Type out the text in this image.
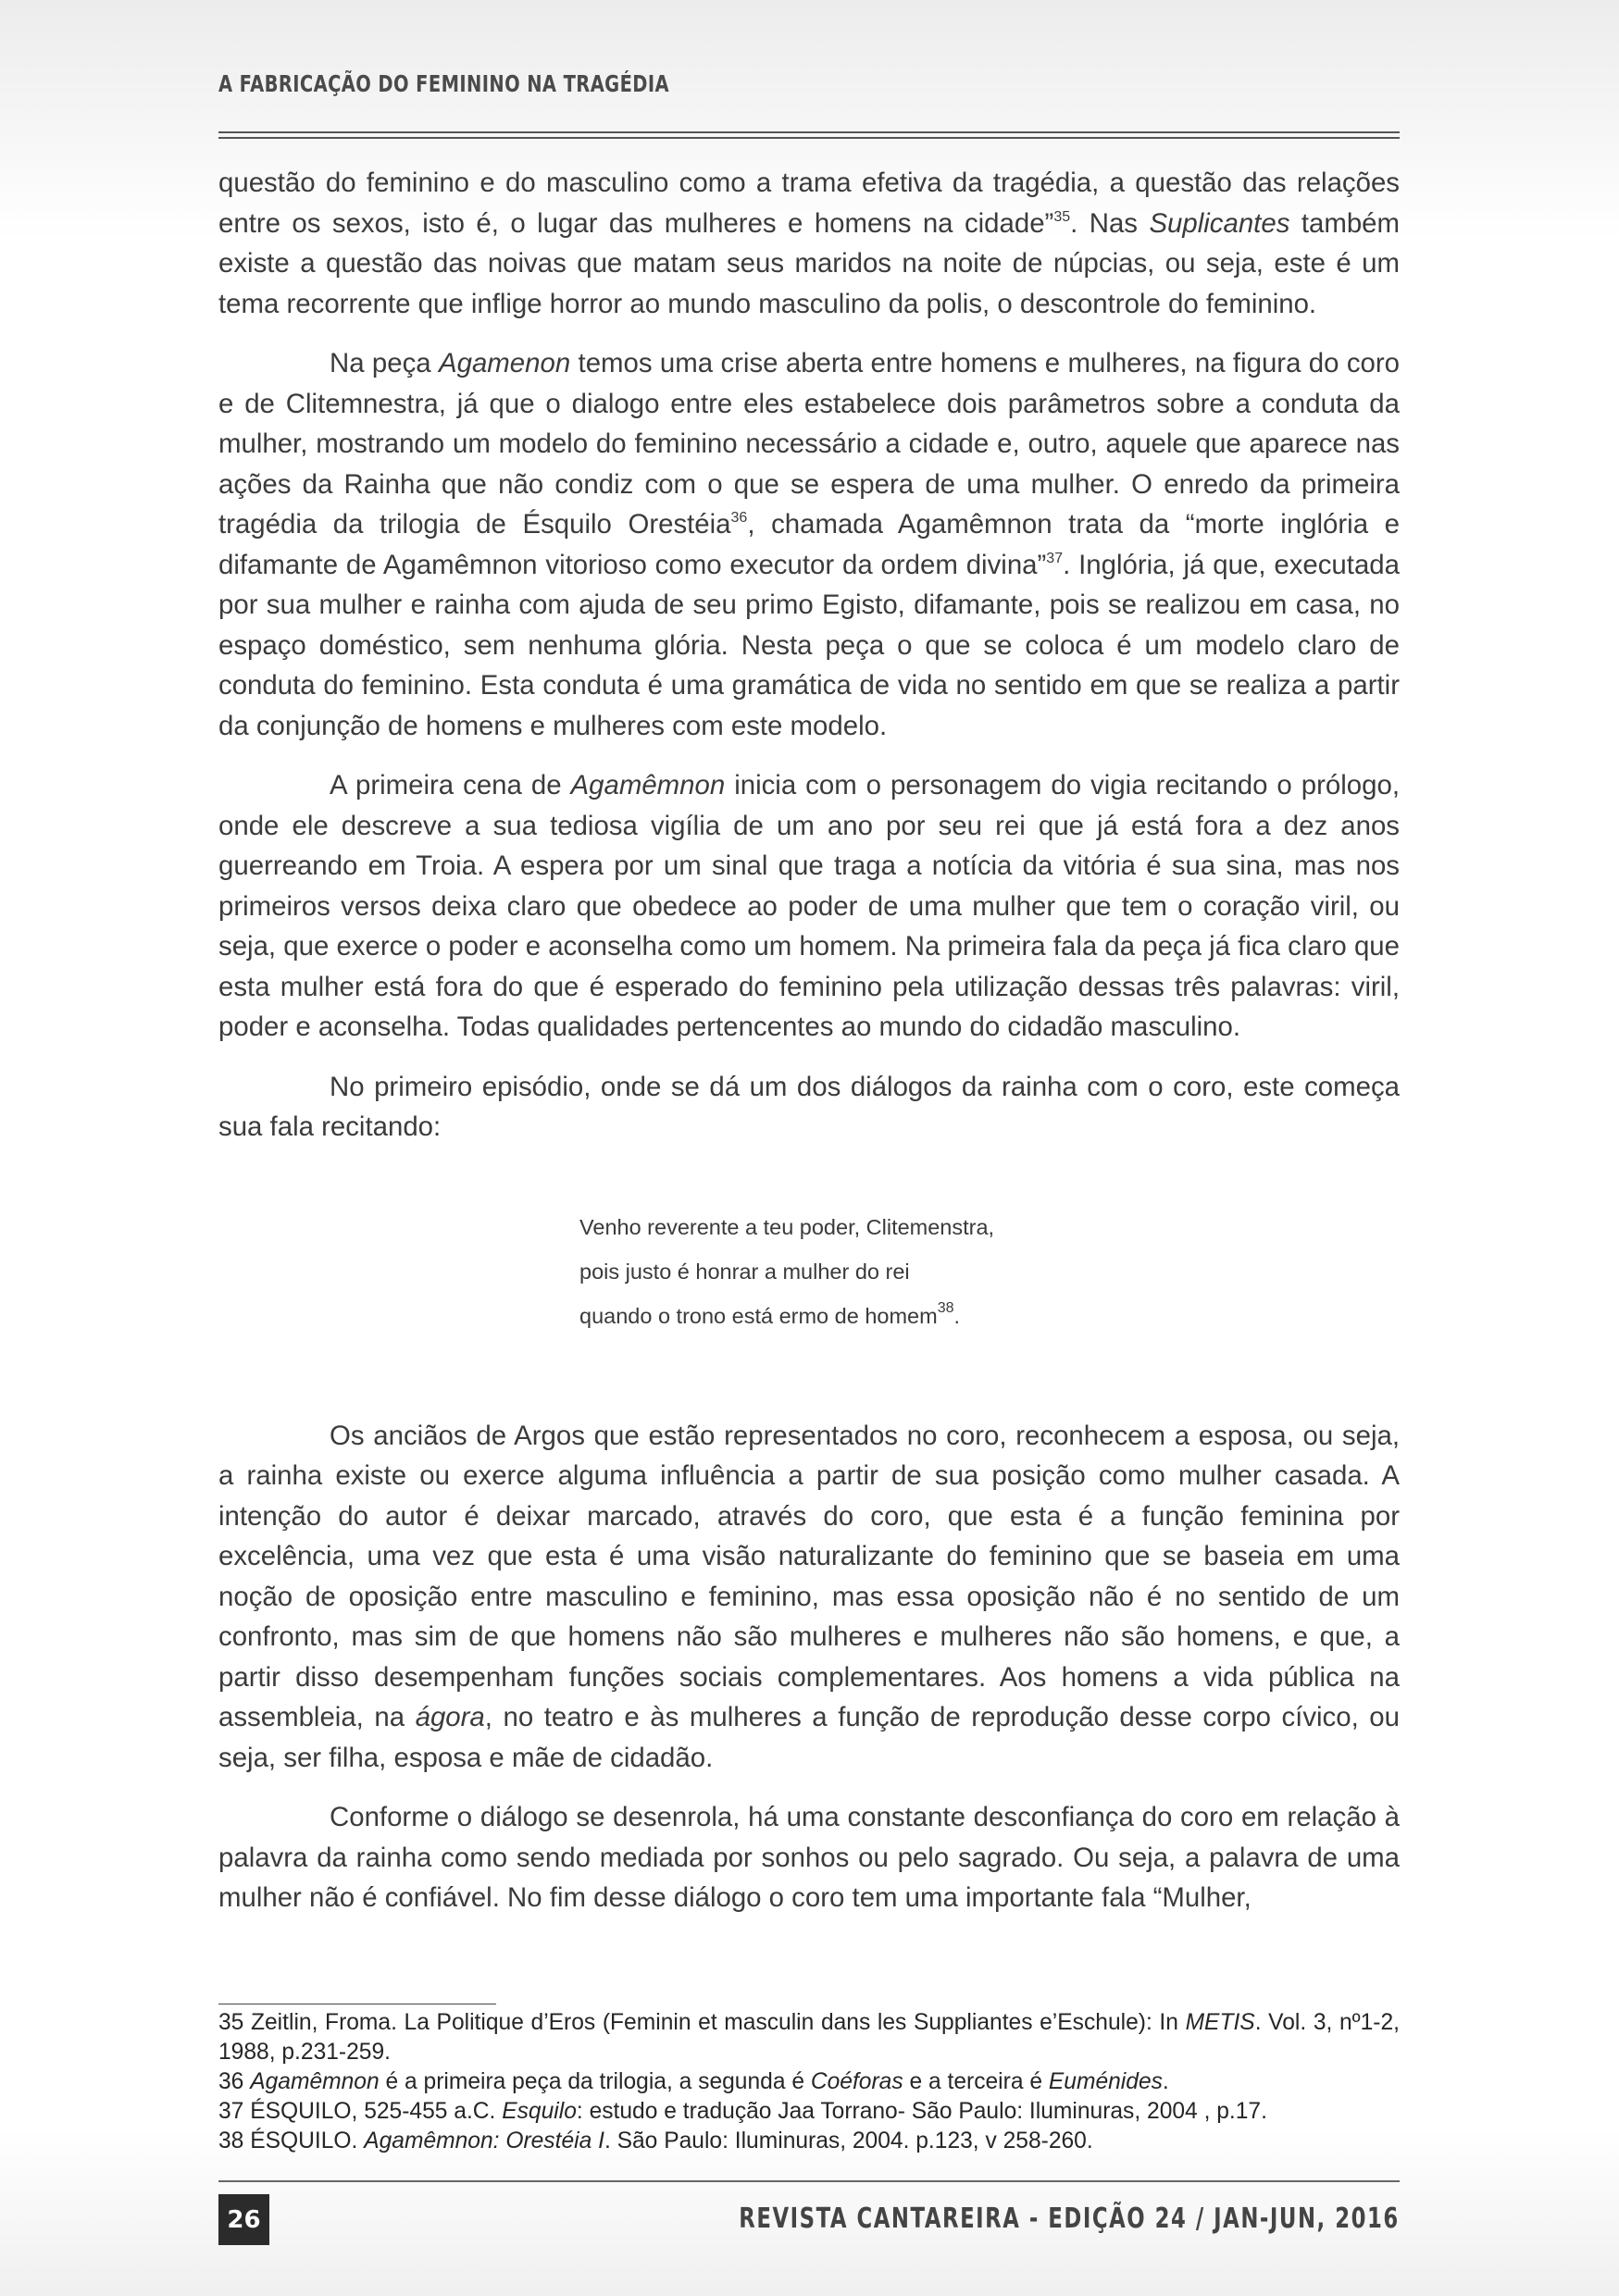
A FABRICAÇÃO DO FEMININO NA TRAGÉDIA

questão do feminino e do masculino como a trama efetiva da tragédia, a questão das relações entre os sexos, isto é, o lugar das mulheres e homens na cidade”$^{35}$. Nas Suplicantes também existe a questão das noivas que matam seus maridos na noite de núpcias, ou seja, este é um tema recorrente que inflige horror ao mundo masculino da polis, o descontrole do feminino.

Na peça Agamenon temos uma crise aberta entre homens e mulheres, na figura do coro e de Clitemnestra, já que o dialogo entre eles estabelece dois parâmetros sobre a conduta da mulher, mostrando um modelo do feminino necessário a cidade e, outro, aquele que aparece nas ações da Rainha que não condiz com o que se espera de uma mulher. O enredo da primeira tragédia da trilogia de Ésquilo Orestéia$^{36}$, chamada Agamêmnon trata da “morte inglória e difamante de Agamêmnon vitorioso como executor da ordem divina”$^{37}$. Inglória, já que, executada por sua mulher e rainha com ajuda de seu primo Egisto, difamante, pois se realizou em casa, no espaço doméstico, sem nenhuma glória. Nesta peça o que se coloca é um modelo claro de conduta do feminino. Esta conduta é uma gramática de vida no sentido em que se realiza a partir da conjunção de homens e mulheres com este modelo.

A primeira cena de Agamêmnon inicia com o personagem do vigia recitando o prólogo, onde ele descreve a sua tediosa vigília de um ano por seu rei que já está fora a dez anos guerreando em Troia. A espera por um sinal que traga a notícia da vitória é sua sina, mas nos primeiros versos deixa claro que obedece ao poder de uma mulher que tem o coração viril, ou seja, que exerce o poder e aconselha como um homem. Na primeira fala da peça já fica claro que esta mulher está fora do que é esperado do feminino pela utilização dessas três palavras: viril, poder e aconselha. Todas qualidades pertencentes ao mundo do cidadão masculino.

No primeiro episódio, onde se dá um dos diálogos da rainha com o coro, este começa sua fala recitando:

Venho reverente a teu poder, Clitemenstra,
pois justo é honrar a mulher do rei
quando o trono está ermo de homem$^{38}$.

Os anciãos de Argos que estão representados no coro, reconhecem a esposa, ou seja, a rainha existe ou exerce alguma influência a partir de sua posição como mulher casada. A intenção do autor é deixar marcado, através do coro, que esta é a função feminina por excelência, uma vez que esta é uma visão naturalizante do feminino que se baseia em uma noção de oposição entre masculino e feminino, mas essa oposição não é no sentido de um confronto, mas sim de que homens não são mulheres e mulheres não são homens, e que, a partir disso desempenham funções sociais complementares. Aos homens a vida pública na assembleia, na ágora, no teatro e às mulheres a função de reprodução desse corpo cívico, ou seja, ser filha, esposa e mãe de cidadão.

Conforme o diálogo se desenrola, há uma constante desconfiança do coro em relação à palavra da rainha como sendo mediada por sonhos ou pelo sagrado. Ou seja, a palavra de uma mulher não é confiável. No fim desse diálogo o coro tem uma importante fala “Mulher,

35 Zeitlin, Froma. La Politique d’Eros (Feminin et masculin dans les Suppliantes e’Eschule): In METIS. Vol. 3, nº1-2, 1988, p.231-259.

36 Agamêmnon é a primeira peça da trilogia, a segunda é Coéforas e a terceira é Euménides.

37 ÉSQUILO, 525-455 a.C. Esquilo: estudo e tradução Jaa Torrano- São Paulo: Iluminuras, 2004 , p.17.

38 ÉSQUILO. Agamêmnon: Orestéia I. São Paulo: Iluminuras, 2004. p.123, v 258-260.

26	REVISTA CANTAREIRA - EDIÇÃO 24 / JAN-JUN, 2016
